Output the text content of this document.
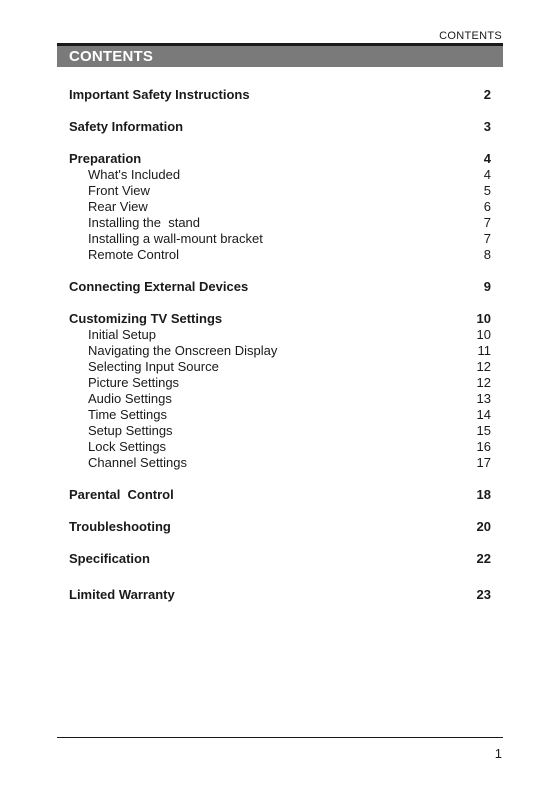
CONTENTS
CONTENTS
Important Safety Instructions	2
Safety Information	3
Preparation	4
What's Included	4
Front View	5
Rear View	6
Installing the  stand	7
Installing a wall-mount bracket	7
Remote Control	8
Connecting External Devices	9
Customizing TV Settings	10
Initial Setup	10
Navigating the Onscreen Display	11
Selecting Input Source	12
Picture Settings	12
Audio Settings	13
Time Settings	14
Setup Settings	15
Lock Settings	16
Channel Settings	17
Parental  Control	18
Troubleshooting	20
Specification	22
Limited Warranty	23
1
